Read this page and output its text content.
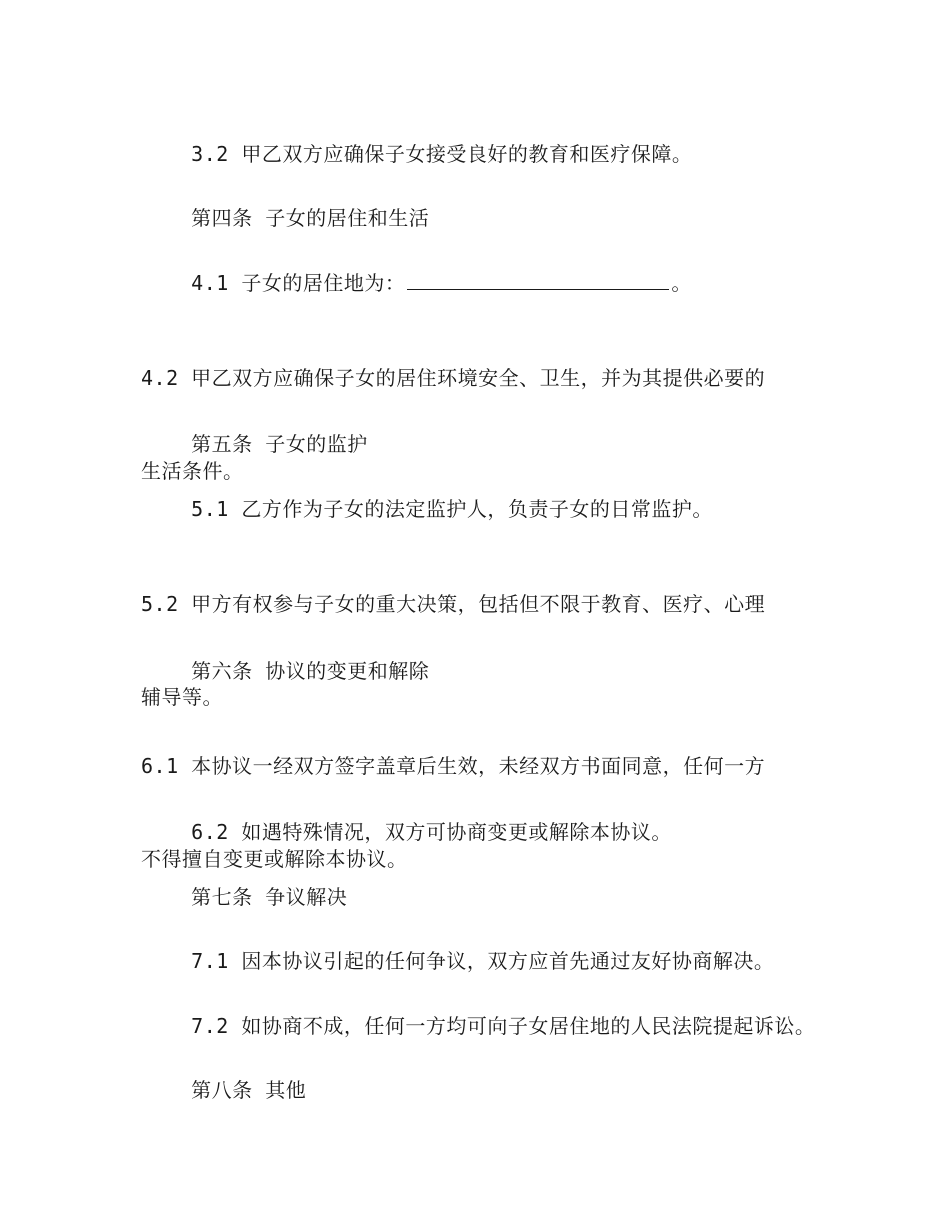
3.2 甲乙双方应确保子女接受良好的教育和医疗保障。

第四条 子女的居住和生活

4.1 子女的居住地为：	。

4.2 甲乙双方应确保子女的居住环境安全、卫生，并为其提供必要的

生活条件。

第五条 子女的监护

5.1 乙方作为子女的法定监护人，负责子女的日常监护。

5.2 甲方有权参与子女的重大决策，包括但不限于教育、医疗、心理

辅导等。

第六条 协议的变更和解除

6.1 本协议一经双方签字盖章后生效，未经双方书面同意，任何一方

不得擅自变更或解除本协议。

6.2 如遇特殊情况，双方可协商变更或解除本协议。

第七条 争议解决

7.1 因本协议引起的任何争议，双方应首先通过友好协商解决。

7.2 如协商不成，任何一方均可向子女居住地的人民法院提起诉讼。

第八条 其他
